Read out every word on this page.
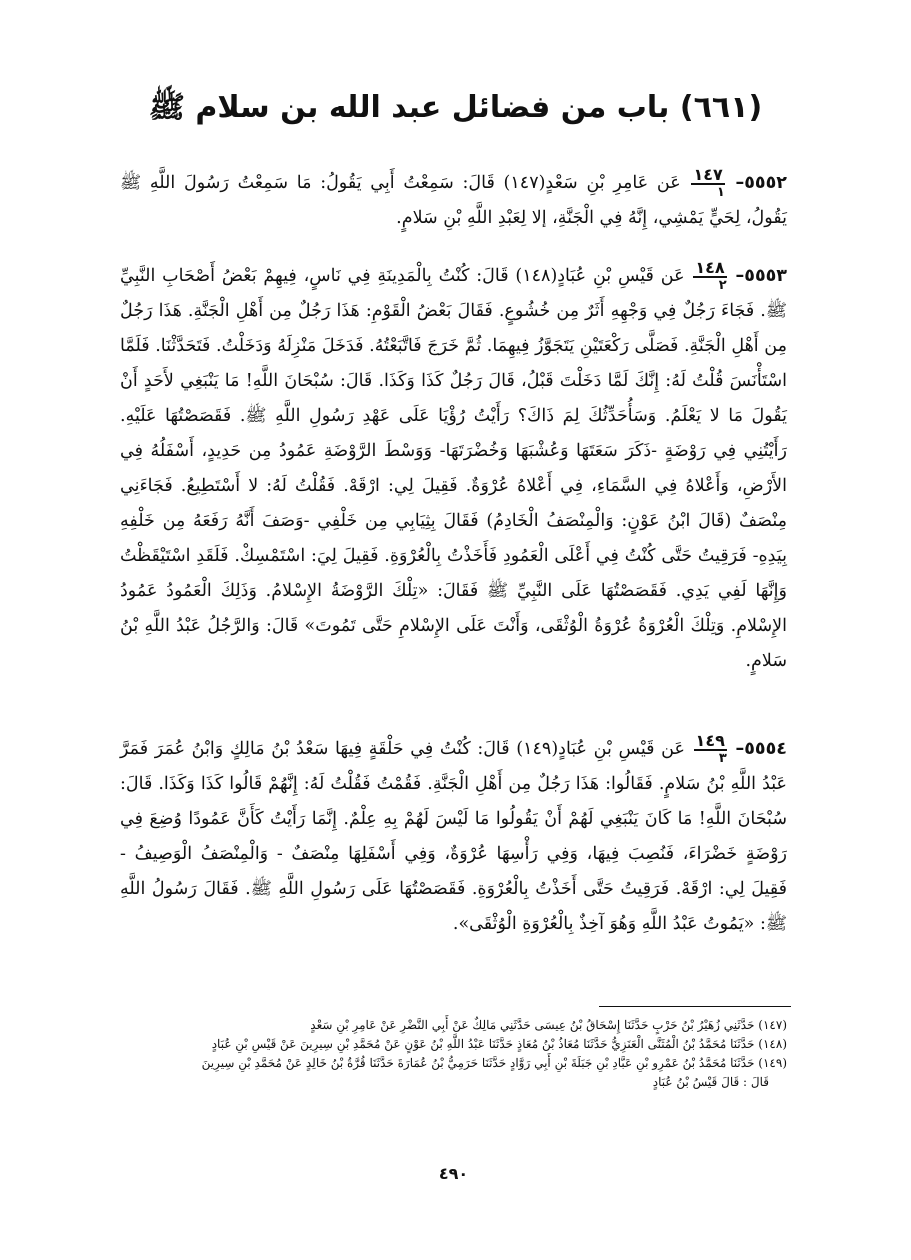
(٦٦١) باب من فضائل عبد الله بن سلام ﷺ

٥٥٥٢–
$\frac{١٤٧}{١}$
عَن عَامِرِ بْنِ سَعْدٍ(١٤٧) قَالَ: سَمِعْتُ أَبِي يَقُولُ: مَا سَمِعْتُ رَسُولَ اللَّهِ ﷺ يَقُولُ، لِحَيٍّ يَمْشِي، إِنَّهُ فِي الْجَنَّةِ، إلا لِعَبْدِ اللَّهِ بْنِ سَلامٍ.

٥٥٥٣–
$\frac{١٤٨}{٢}$
عَن قَيْسِ بْنِ عُبَادٍ(١٤٨) قَالَ: كُنْتُ بِالْمَدِينَةِ فِي نَاسٍ، فِيهِمْ بَعْضُ أَصْحَابِ النَّبِيِّ ﷺ. فَجَاءَ رَجُلٌ فِي وَجْهِهِ أَثَرٌ مِن خُشُوعٍ. فَقَالَ بَعْضُ الْقَوْمِ: هَذَا رَجُلٌ مِن أَهْلِ الْجَنَّةِ. هَذَا رَجُلٌ مِن أَهْلِ الْجَنَّةِ. فَصَلَّى رَكْعَتَيْنِ يَتَجَوَّزُ فِيهِمَا. ثُمَّ خَرَجَ فَاتَّبَعْتُهُ. فَدَخَلَ مَنْزِلَهُ وَدَخَلْتُ. فَتَحَدَّثْنَا. فَلَمَّا اسْتَأْنَسَ قُلْتُ لَهُ: إِنَّكَ لَمَّا دَخَلْتَ قَبْلُ، قَالَ رَجُلٌ كَذَا وَكَذَا. قَالَ: سُبْحَانَ اللَّهِ! مَا يَنْبَغِي لأَحَدٍ أَنْ يَقُولَ مَا لا يَعْلَمُ. وَسَأُحَدِّثُكَ لِمَ ذَاكَ؟ رَأَيْتُ رُؤْيَا عَلَى عَهْدِ رَسُولِ اللَّهِ ﷺ. فَقَصَصْتُهَا عَلَيْهِ. رَأَيْتُنِي فِي رَوْضَةٍ -ذَكَرَ سَعَتَهَا وَعُشْبَهَا وَخُضْرَتَهَا- وَوَسْطَ الرَّوْضَةِ عَمُودُ مِن حَدِيدٍ، أَسْفَلُهُ فِي الأَرْضِ، وَأَعْلاهُ فِي السَّمَاءِ، فِي أَعْلاهُ عُرْوَةٌ. فَقِيلَ لِي: ارْقَهْ. فَقُلْتُ لَهُ: لا أَسْتَطِيعُ. فَجَاءَنِي مِنْصَفٌ (قَالَ ابْنُ عَوْنٍ: وَالْمِنْصَفُ الْخَادِمُ) فَقَالَ بِثِيَابِي مِن خَلْفِي -وَصَفَ أَنَّهُ رَفَعَهُ مِن خَلْفِهِ بِيَدِهِ- فَرَقِيتُ حَتَّى كُنْتُ فِي أَعْلَى الْعَمُودِ فَأَخَذْتُ بِالْعُرْوَةِ. فَقِيلَ لِيَ: اسْتَمْسِكْ. فَلَقَدِ اسْتَيْقَظْتُ وَإِنَّهَا لَفِي يَدِي. فَقَصَصْتُهَا عَلَى النَّبِيِّ ﷺ فَقَالَ: «تِلْكَ الرَّوْضَةُ الإِسْلامُ. وَذَلِكَ الْعَمُودُ عَمُودُ الإِسْلامِ. وَتِلْكَ الْعُرْوَةُ عُرْوَةُ الْوُثْقَى، وَأَنْتَ عَلَى الإِسْلامِ حَتَّى تَمُوتَ» قَالَ: وَالرَّجُلُ عَبْدُ اللَّهِ بْنُ سَلامٍ.

٥٥٥٤–
$\frac{١٤٩}{٣}$
عَن قَيْسِ بْنِ عُبَادٍ(١٤٩) قَالَ: كُنْتُ فِي حَلْقَةٍ فِيهَا سَعْدُ بْنُ مَالِكٍ وَابْنُ عُمَرَ فَمَرَّ عَبْدُ اللَّهِ بْنُ سَلامٍ. فَقَالُوا: هَذَا رَجُلٌ مِن أَهْلِ الْجَنَّةِ. فَقُمْتُ فَقُلْتُ لَهُ: إِنَّهُمْ قَالُوا كَذَا وَكَذَا. قَالَ: سُبْحَانَ اللَّهِ! مَا كَانَ يَنْبَغِي لَهُمْ أَنْ يَقُولُوا مَا لَيْسَ لَهُمْ بِهِ عِلْمٌ. إِنَّمَا رَأَيْتُ كَأَنَّ عَمُودًا وُضِعَ فِي رَوْضَةٍ خَضْرَاءَ، فَنُصِبَ فِيهَا، وَفِي رَأْسِهَا عُرْوَةٌ، وَفِي أَسْفَلِهَا مِنْصَفٌ - وَالْمِنْصَفُ الْوَصِيفُ - فَقِيلَ لِي: ارْقَهْ. فَرَقِيتُ حَتَّى أَخَذْتُ بِالْعُرْوَةِ. فَقَصَصْتُهَا عَلَى رَسُولِ اللَّهِ ﷺ. فَقَالَ رَسُولُ اللَّهِ ﷺ: «يَمُوتُ عَبْدُ اللَّهِ وَهُوَ آخِذٌ بِالْعُرْوَةِ الْوُثْقَى».

(١٤٧) حَدَّثَنِي زُهَيْرُ بْنُ حَرْبٍ حَدَّثَنَا إِسْحَاقُ بْنُ عِيسَى حَدَّثَنِي مَالِكٌ عَنْ أَبِي النَّضْرِ عَنْ عَامِرِ بْنِ سَعْدٍ

(١٤٨) حَدَّثَنَا مُحَمَّدُ بْنُ الْمُثَنَّى الْعَنَزِيُّ حَدَّثَنَا مُعَاذُ بْنُ مُعَاذٍ حَدَّثَنَا عَبْدُ اللَّهِ بْنُ عَوْنٍ عَنْ مُحَمَّدِ بْنِ سِيرِينَ عَنْ قَيْسِ بْنِ عُبَادٍ

(١٤٩) حَدَّثَنَا مُحَمَّدُ بْنُ عَمْرِو بْنِ عَبَّادِ بْنِ جَبَلَةَ بْنِ أَبِي رَوَّادٍ حَدَّثَنَا حَرَمِيُّ بْنُ عُمَارَةَ حَدَّثَنَا قُرَّةُ بْنُ خَالِدٍ عَنْ مُحَمَّدِ بْنِ سِيرِينَ

قَالَ : قَالَ قَيْسُ بْنُ عُبَادٍ

٤٩٠
